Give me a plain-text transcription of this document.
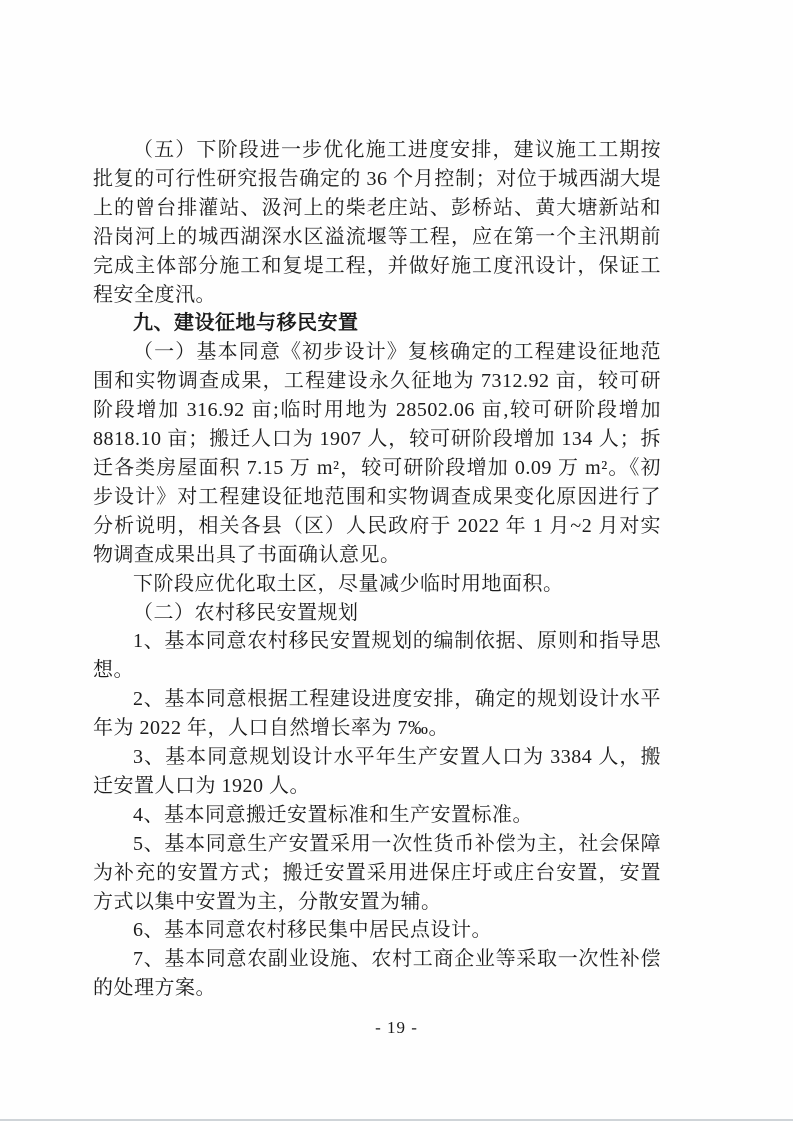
（五）下阶段进一步优化施工进度安排，建议施工工期按批复的可行性研究报告确定的 36 个月控制；对位于城西湖大堤上的曾台排灌站、汲河上的柴老庄站、彭桥站、黄大塘新站和沿岗河上的城西湖深水区溢流堰等工程，应在第一个主汛期前完成主体部分施工和复堤工程，并做好施工度汛设计，保证工程安全度汛。

九、建设征地与移民安置

（一）基本同意《初步设计》复核确定的工程建设征地范围和实物调查成果，工程建设永久征地为 7312.92 亩，较可研阶段增加 316.92 亩;临时用地为 28502.06 亩,较可研阶段增加 8818.10 亩；搬迁人口为 1907 人，较可研阶段增加 134 人；拆迁各类房屋面积 7.15 万 m²，较可研阶段增加 0.09 万 m²。《初步设计》对工程建设征地范围和实物调查成果变化原因进行了分析说明，相关各县（区）人民政府于 2022 年 1 月~2 月对实物调查成果出具了书面确认意见。

下阶段应优化取土区，尽量减少临时用地面积。

（二）农村移民安置规划

1、基本同意农村移民安置规划的编制依据、原则和指导思想。

2、基本同意根据工程建设进度安排，确定的规划设计水平年为 2022 年，人口自然增长率为 7‰。

3、基本同意规划设计水平年生产安置人口为 3384 人，搬迁安置人口为 1920 人。

4、基本同意搬迁安置标准和生产安置标准。

5、基本同意生产安置采用一次性货币补偿为主，社会保障为补充的安置方式；搬迁安置采用进保庄圩或庄台安置，安置方式以集中安置为主，分散安置为辅。

6、基本同意农村移民集中居民点设计。

7、基本同意农副业设施、农村工商企业等采取一次性补偿的处理方案。

- 19 -
